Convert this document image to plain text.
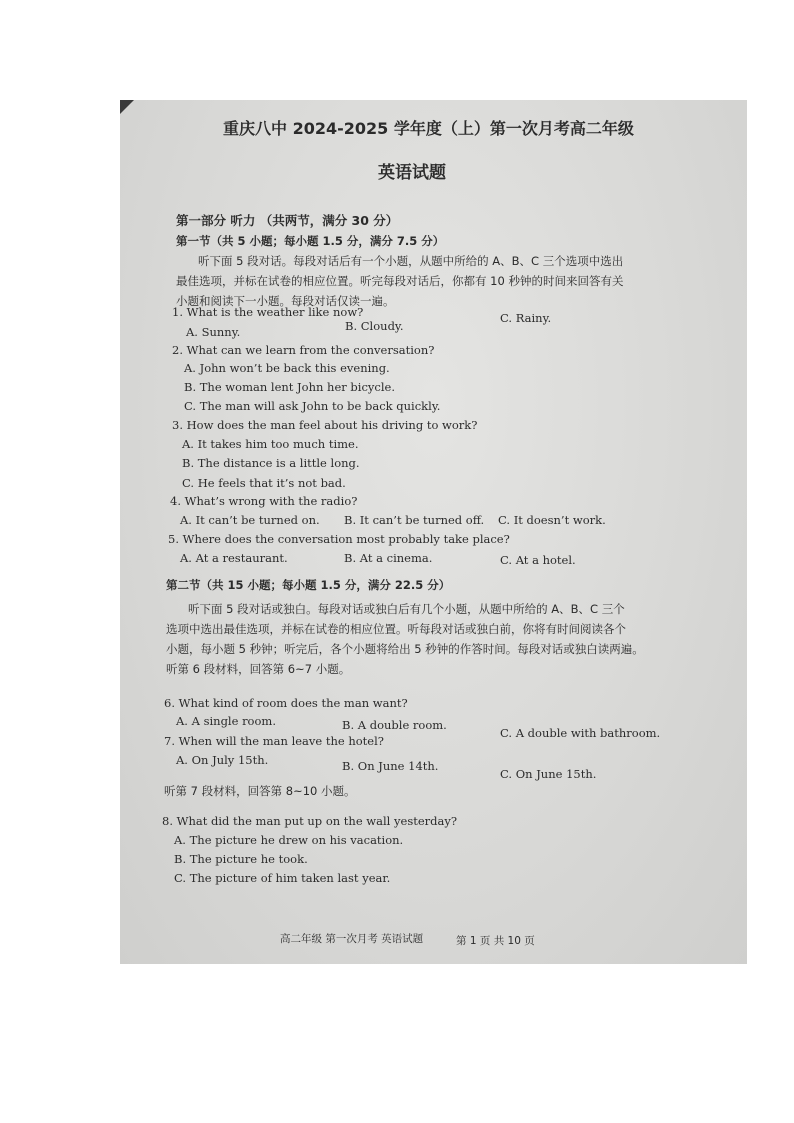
重庆八中 2024-2025 学年度（上）第一次月考高二年级
英语试题
第一部分 听力 （共两节，满分 30 分）
第一节（共 5 小题；每小题 1.5 分，满分 7.5 分）
听下面 5 段对话。每段对话后有一个小题，从题中所给的 A、B、C 三个选项中选出
最佳选项，并标在试卷的相应位置。听完每段对话后，你都有 10 秒钟的时间来回答有关
小题和阅读下一小题。每段对话仅读一遍。
1. What is the weather like now?
A. Sunny.	B. Cloudy.
C. Rainy.
2. What can we learn from the conversation?
A. John won’t be back this evening.
B. The woman lent John her bicycle.
C. The man will ask John to be back quickly.
3. How does the man feel about his driving to work?
A. It takes him too much time.
B. The distance is a little long.
C. He feels that it’s not bad.
4. What’s wrong with the radio?
A. It can’t be turned on. B. It can’t be turned off. C. It doesn’t work.
5. Where does the conversation most probably take place?
A. At a restaurant.	B. At a cinema.	C. At a hotel.
第二节（共 15 小题；每小题 1.5 分，满分 22.5 分）
听下面 5 段对话或独白。每段对话或独白后有几个小题，从题中所给的 A、B、C 三个
选项中选出最佳选项，并标在试卷的相应位置。听每段对话或独白前，你将有时间阅读各个
小题，每小题 5 秒钟；听完后，各个小题将给出 5 秒钟的作答时间。每段对话或独白读两遍。
听第 6 段材料，回答第 6~7 小题。
6. What kind of room does the man want?
A. A single room.	B. A double room.
C. A double with bathroom.
7. When will the man leave the hotel?
A. On July 15th.	B. On June 14th.
C. On June 15th.
听第 7 段材料，回答第 8~10 小题。
8. What did the man put up on the wall yesterday?
A. The picture he drew on his vacation.
B. The picture he took.
C. The picture of him taken last year.
高二年级 第一次月考 英语试题	第 1 页 共 10 页
